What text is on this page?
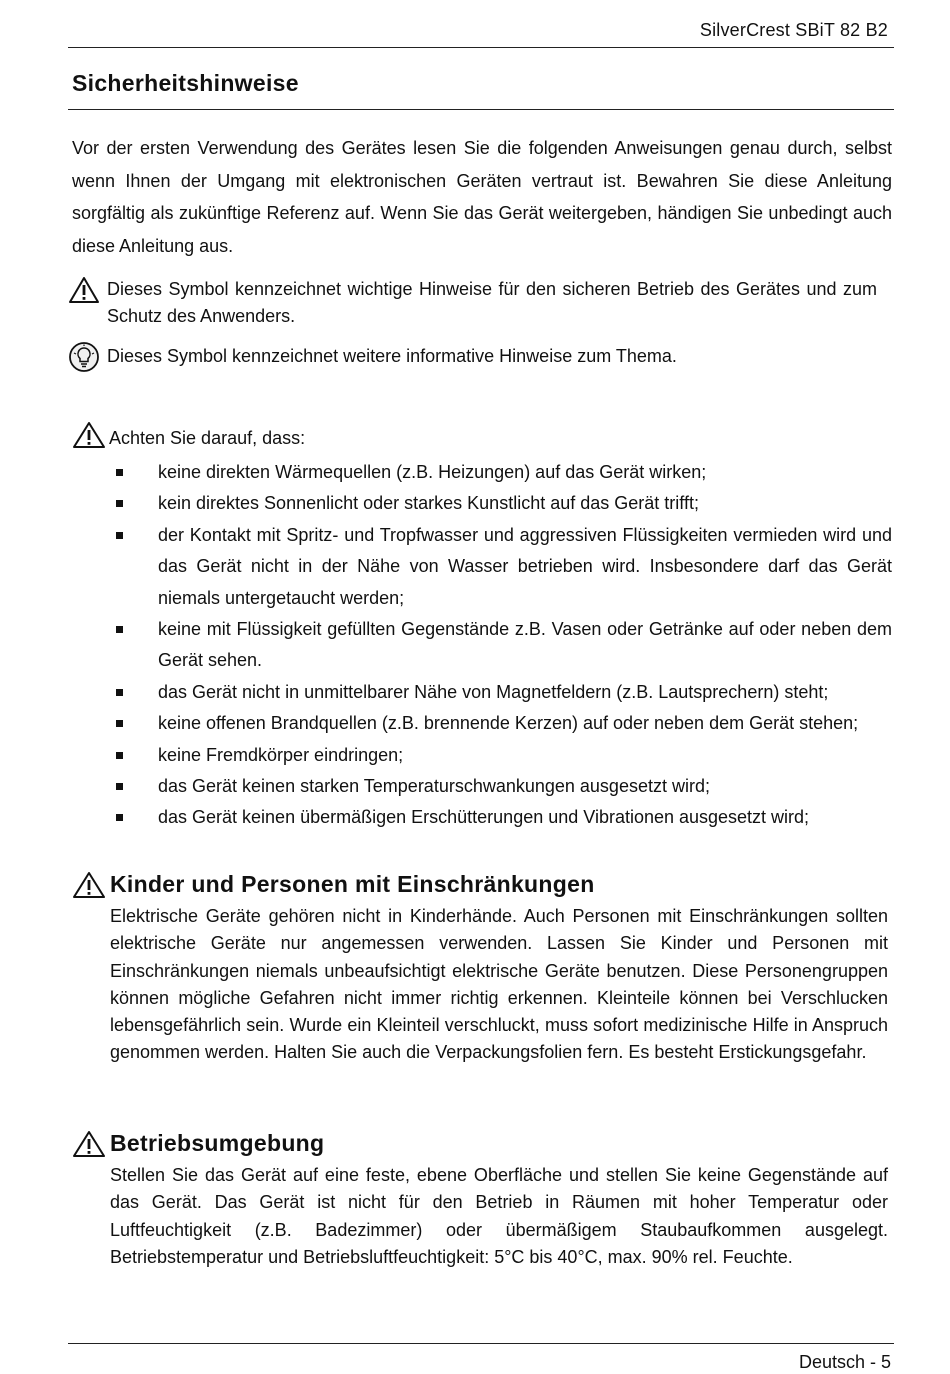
SilverCrest SBiT 82 B2
Sicherheitshinweise
Vor der ersten Verwendung des Gerätes lesen Sie die folgenden Anweisungen genau durch, selbst wenn Ihnen der Umgang mit elektronischen Geräten vertraut ist. Bewahren Sie diese Anleitung sorgfältig als zukünftige Referenz auf. Wenn Sie das Gerät weitergeben, händigen Sie unbedingt auch diese Anleitung aus.
Dieses Symbol kennzeichnet wichtige Hinweise für den sicheren Betrieb des Gerätes und zum Schutz des Anwenders.
Dieses Symbol kennzeichnet weitere informative Hinweise zum Thema.
Achten Sie darauf, dass:
keine direkten Wärmequellen (z.B. Heizungen) auf das Gerät wirken;
kein direktes Sonnenlicht oder starkes Kunstlicht auf das Gerät trifft;
der Kontakt mit Spritz- und Tropfwasser und aggressiven Flüssigkeiten vermieden wird und das Gerät nicht in der Nähe von Wasser betrieben wird. Insbesondere darf das Gerät niemals untergetaucht werden;
keine mit Flüssigkeit gefüllten Gegenstände z.B. Vasen oder Getränke auf oder neben dem Gerät sehen.
das Gerät nicht in unmittelbarer Nähe von Magnetfeldern (z.B. Lautsprechern) steht;
keine offenen Brandquellen (z.B. brennende Kerzen) auf oder neben dem Gerät stehen;
keine Fremdkörper eindringen;
das Gerät keinen starken Temperaturschwankungen ausgesetzt wird;
das Gerät keinen übermäßigen Erschütterungen und Vibrationen ausgesetzt wird;
Kinder und Personen mit Einschränkungen
Elektrische Geräte gehören nicht in Kinderhände. Auch Personen mit Einschränkungen sollten elektrische Geräte nur angemessen verwenden. Lassen Sie Kinder und Personen mit Einschränkungen niemals unbeaufsichtigt elektrische Geräte benutzen. Diese Personengruppen können mögliche Gefahren nicht immer richtig erkennen. Kleinteile können bei Verschlucken lebensgefährlich sein. Wurde ein Kleinteil verschluckt, muss sofort medizinische Hilfe in Anspruch genommen werden. Halten Sie auch die Verpackungsfolien fern. Es besteht Erstickungsgefahr.
Betriebsumgebung
Stellen Sie das Gerät auf eine feste, ebene Oberfläche und stellen Sie keine Gegenstände auf das Gerät. Das Gerät ist nicht für den Betrieb in Räumen mit hoher Temperatur oder Luftfeuchtigkeit (z.B. Badezimmer) oder übermäßigem Staubaufkommen ausgelegt. Betriebstemperatur und Betriebsluftfeuchtigkeit: 5°C bis 40°C, max. 90% rel. Feuchte.
Deutsch - 5
